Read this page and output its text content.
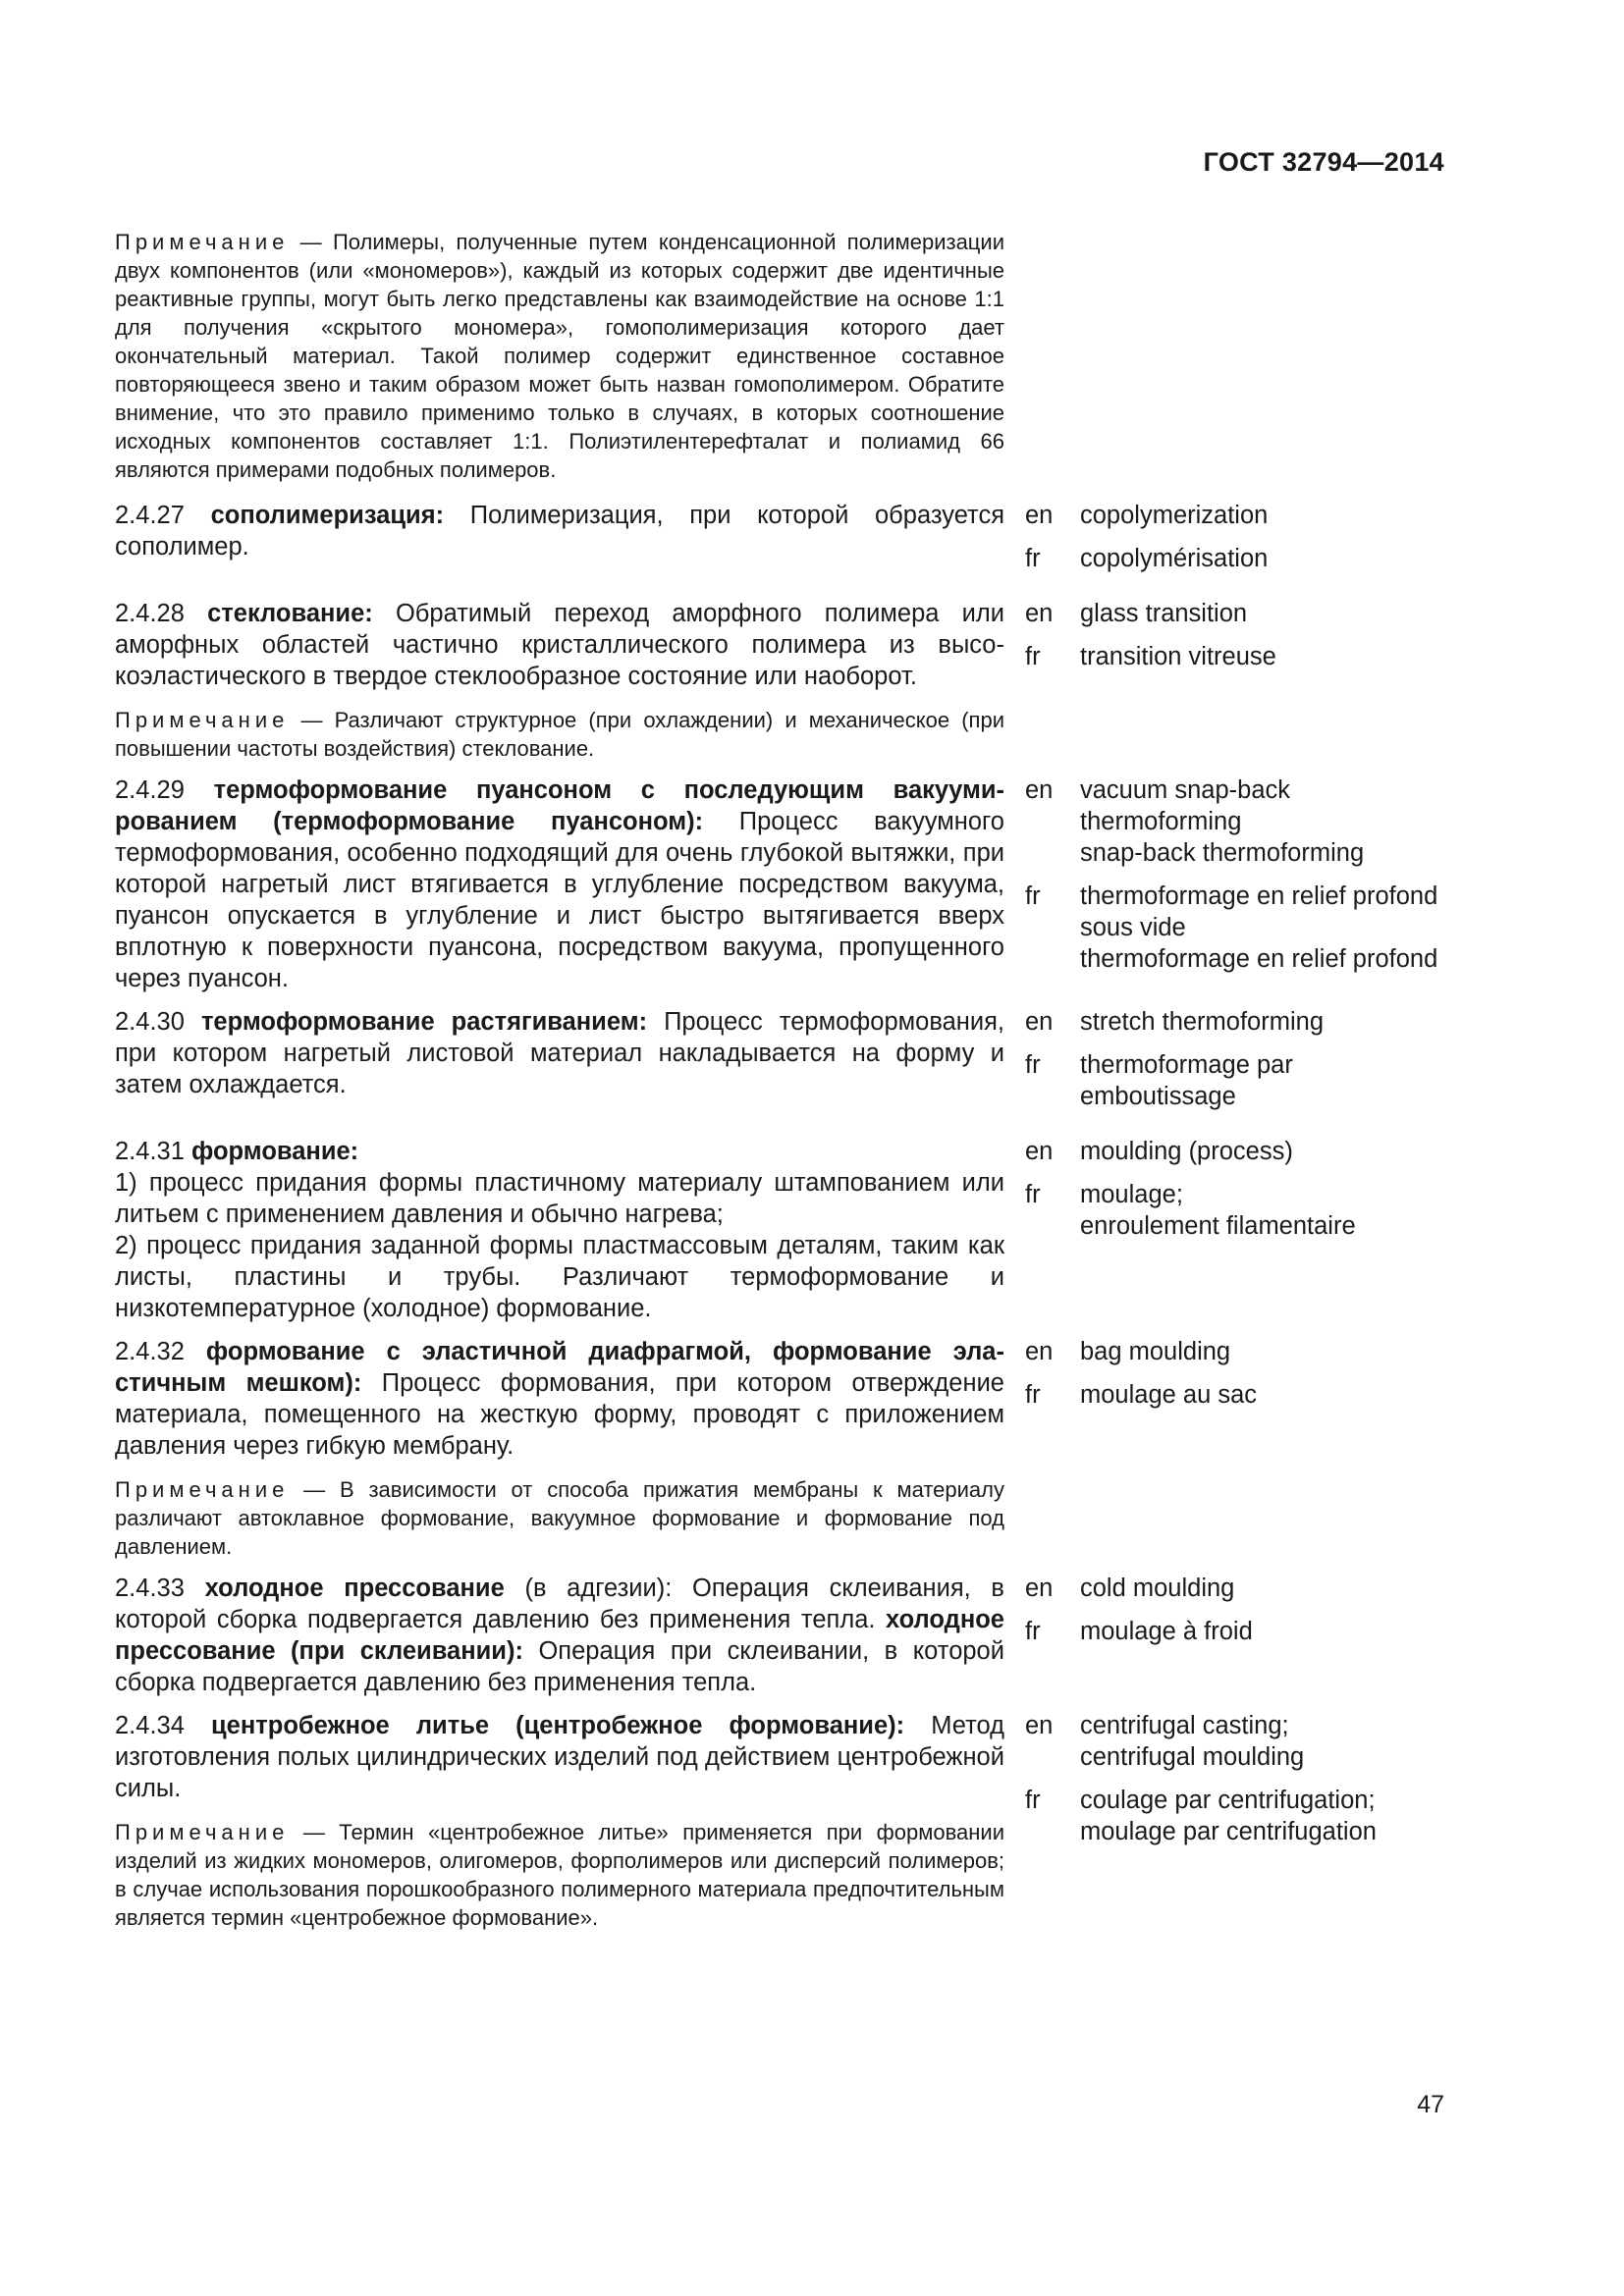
ГОСТ 32794—2014
Примечание — Полимеры, полученные путем конденсационной полимеризации двух компонентов (или «мономеров»), каждый из которых содержит две идентичные реактивные группы, могут быть легко представлены как взаимодействие на основе 1:1 для получения «скрытого мономера», гомополимеризация которого дает окончательный материал. Такой полимер содержит единственное составное повторяющееся звено и таким образом может быть назван гомополимером. Обратите внимение, что это правило применимо только в случаях, в которых соотношение исходных компонентов составляет 1:1. Полиэтилентерефталат и полиамид 66 являются примерами подобных полимеров.
2.4.27 сополимеризация: Полимеризация, при которой образуется сополимер.
en	copolymerization
fr	copolymérisation
2.4.28 стеклование: Обратимый переход аморфного полимера или аморфных областей частично кристаллического полимера из высокоэластического в твердое стеклообразное состояние или наоборот.
Примечание — Различают структурное (при охлаждении) и механическое (при повышении частоты воздействия) стеклование.
en	glass transition
fr	transition vitreuse
2.4.29 термоформование пуансоном с последующим вакуумированием (термоформование пуансоном): Процесс вакуумного термоформования, особенно подходящий для очень глубокой вытяжки, при которой нагретый лист втягивается в углубление посредством вакуума, пуансон опускается в углубление и лист быстро вытягивается вверх вплотную к поверхности пуансона, посредством вакуума, пропущенного через пуансон.
en	vacuum snap-back thermoforming
snap-back thermoforming
fr	thermoformage en relief profond sous vide
thermoformage en relief profond
2.4.30 термоформование растягиванием: Процесс термоформования, при котором нагретый листовой материал накладывается на форму и затем охлаждается.
en	stretch thermoforming
fr	thermoformage par emboutissage
2.4.31 формование:
1) процесс придания формы пластичному материалу штампованием или литьем с применением давления и обычно нагрева;
2) процесс придания заданной формы пластмассовым деталям, таким как листы, пластины и трубы. Различают термоформование и низкотемпературное (холодное) формование.
en	moulding (process)
fr	moulage;
enroulement filamentaire
2.4.32 формование с эластичной диафрагмой, формование эластичным мешком): Процесс формования, при котором отверждение материала, помещенного на жесткую форму, проводят с приложением давления через гибкую мембрану.
Примечание — В зависимости от способа прижатия мембраны к материалу различают автоклавное формование, вакуумное формование и формование под давлением.
en	bag moulding
fr	moulage au sac
2.4.33 холодное прессование (в адгезии): Операция склеивания, в которой сборка подвергается давлению без применения тепла. холодное прессование (при склеивании): Операция при склеивании, в которой сборка подвергается давлению без применения тепла.
en	cold moulding
fr	moulage à froid
2.4.34 центробежное литье (центробежное формование): Метод изготовления полых цилиндрических изделий под действием центробежной силы.
Примечание — Термин «центробежное литье» применяется при формовании изделий из жидких мономеров, олигомеров, форполимеров или дисперсий полимеров; в случае использования порошкообразного полимерного материала предпочтительным является термин «центробежное формование».
en	centrifugal casting;
centrifugal moulding
fr	coulage par centrifugation;
moulage par centrifugation
47
